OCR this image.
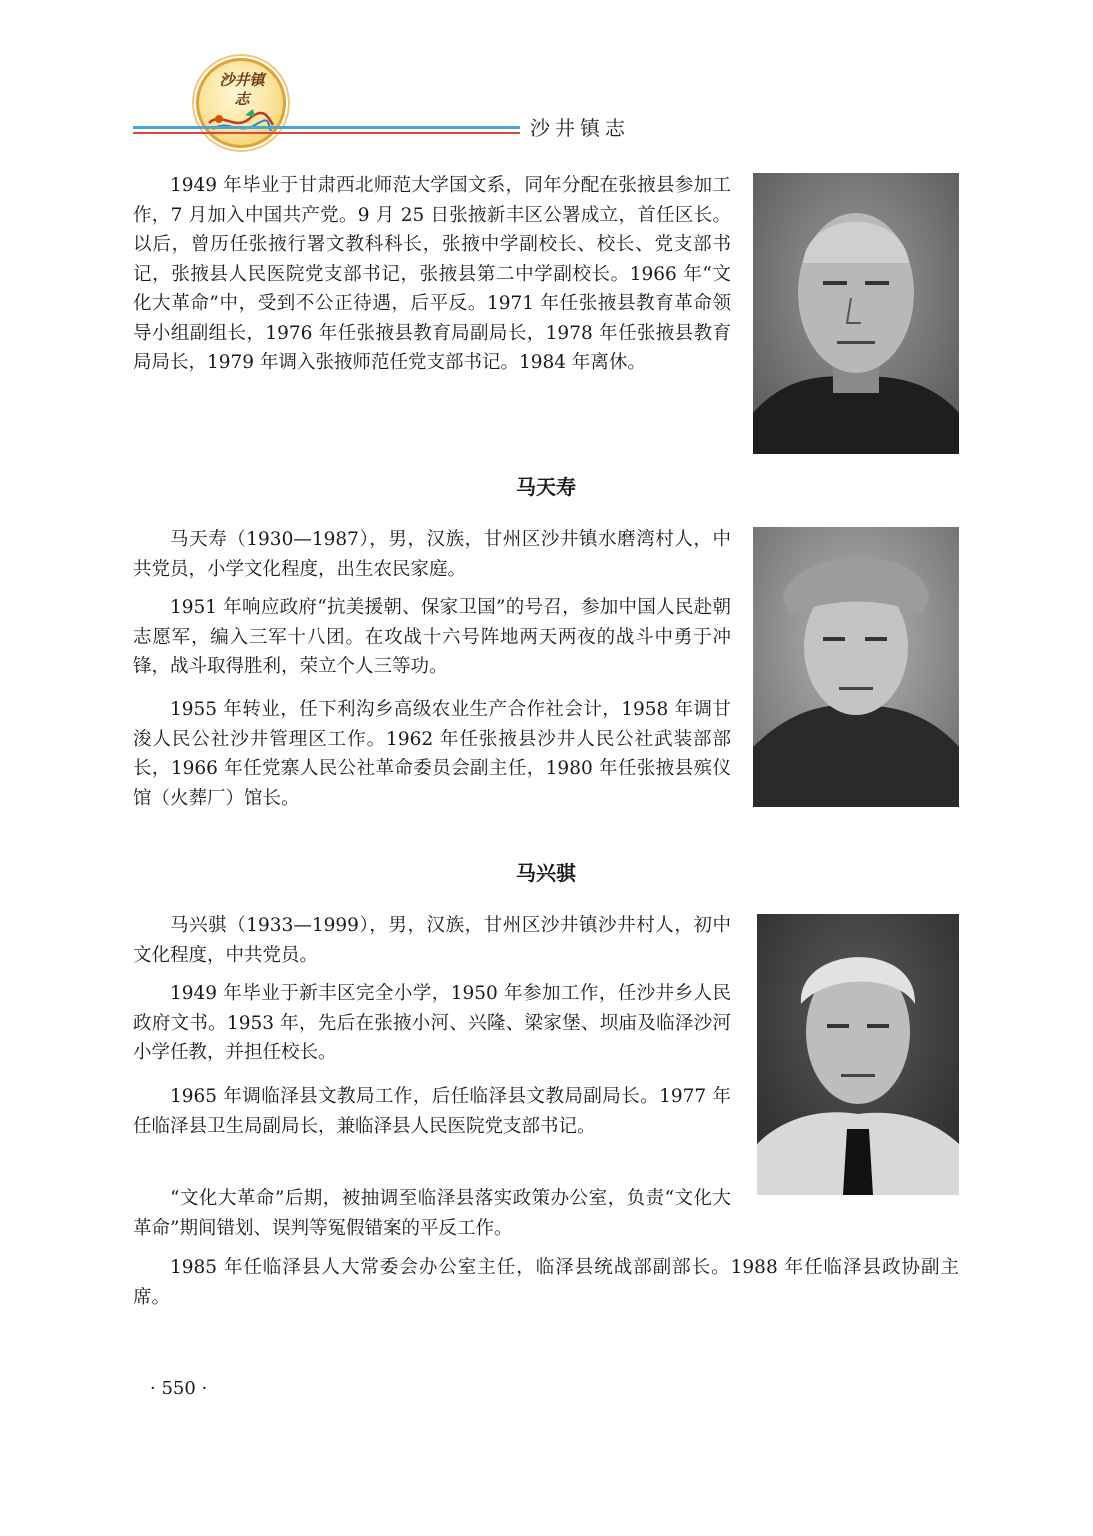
沙井镇志
沙井镇志

1949 年毕业于甘肃西北师范大学国文系，同年分配在张掖县参加工作，7 月加入中国共产党。9 月 25 日张掖新丰区公署成立，首任区长。以后，曾历任张掖行署文教科科长，张掖中学副校长、校长、党支部书记，张掖县人民医院党支部书记，张掖县第二中学副校长。1966 年“文化大革命”中，受到不公正待遇，后平反。1971 年任张掖县教育革命领导小组副组长，1976 年任张掖县教育局副局长，1978 年任张掖县教育局局长，1979 年调入张掖师范任党支部书记。1984 年离休。

马天寿

马天寿（1930—1987），男，汉族，甘州区沙井镇水磨湾村人，中共党员，小学文化程度，出生农民家庭。

1951 年响应政府“抗美援朝、保家卫国”的号召，参加中国人民赴朝志愿军，编入三军十八团。在攻战十六号阵地两天两夜的战斗中勇于冲锋，战斗取得胜利，荣立个人三等功。

1955 年转业，任下利沟乡高级农业生产合作社会计，1958 年调甘浚人民公社沙井管理区工作。1962 年任张掖县沙井人民公社武装部部长，1966 年任党寨人民公社革命委员会副主任，1980 年任张掖县殡仪馆（火葬厂）馆长。

马兴骐

马兴骐（1933—1999），男，汉族，甘州区沙井镇沙井村人，初中文化程度，中共党员。

1949 年毕业于新丰区完全小学，1950 年参加工作，任沙井乡人民政府文书。1953 年，先后在张掖小河、兴隆、梁家堡、坝庙及临泽沙河小学任教，并担任校长。

1965 年调临泽县文教局工作，后任临泽县文教局副局长。1977 年任临泽县卫生局副局长，兼临泽县人民医院党支部书记。

“文化大革命”后期，被抽调至临泽县落实政策办公室，负责“文化大革命”期间错划、误判等冤假错案的平反工作。

1985 年任临泽县人大常委会办公室主任，临泽县统战部副部长。1988 年任临泽县政协副主席。

· 550 ·
